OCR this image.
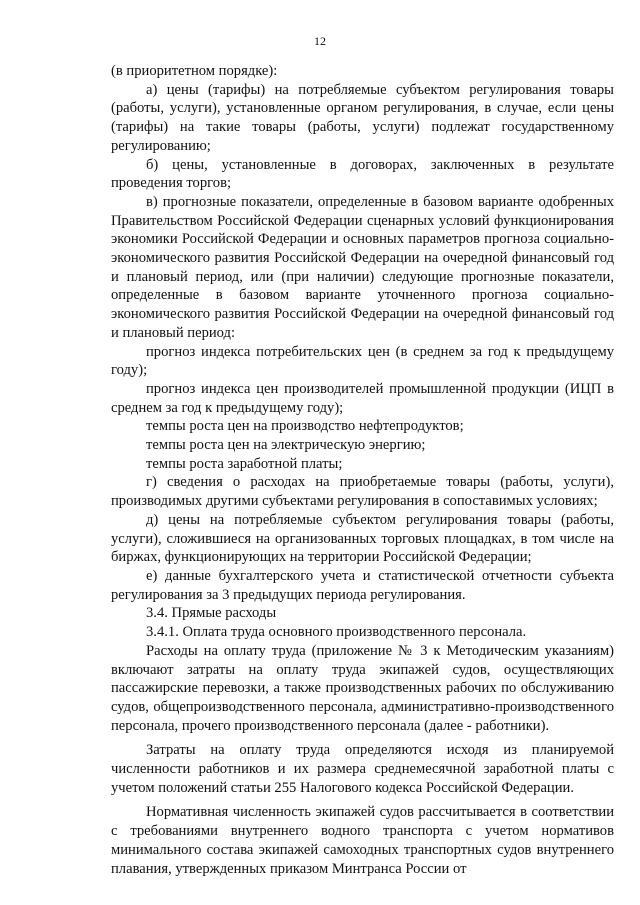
12

(в приоритетном порядке):

а) цены (тарифы) на потребляемые субъектом регулирования товары (работы, услуги), установленные органом регулирования, в случае, если цены (тарифы) на такие товары (работы, услуги) подлежат государственному регулированию;

б) цены, установленные в договорах, заключенных в результате проведения торгов;

в) прогнозные показатели, определенные в базовом варианте одобренных Правительством Российской Федерации сценарных условий функционирования экономики Российской Федерации и основных параметров прогноза социально-экономического развития Российской Федерации на очередной финансовый год и плановый период, или (при наличии) следующие прогнозные показатели, определенные в базовом варианте уточненного прогноза социально-экономического развития Российской Федерации на очередной финансовый год и плановый период:

прогноз индекса потребительских цен (в среднем за год к предыдущему году);

прогноз индекса цен производителей промышленной продукции (ИЦП в среднем за год к предыдущему году);

темпы роста цен на производство нефтепродуктов;

темпы роста цен на электрическую энергию;

темпы роста заработной платы;

г) сведения о расходах на приобретаемые товары (работы, услуги), производимых другими субъектами регулирования в сопоставимых условиях;

д) цены на потребляемые субъектом регулирования товары (работы, услуги), сложившиеся на организованных торговых площадках, в том числе на биржах, функционирующих на территории Российской Федерации;

е) данные бухгалтерского учета и статистической отчетности субъекта регулирования за 3 предыдущих периода регулирования.

3.4. Прямые расходы

3.4.1. Оплата труда основного производственного персонала.

Расходы на оплату труда (приложение № 3 к Методическим указаниям) включают затраты на оплату труда экипажей судов, осуществляющих пассажирские перевозки, а также производственных рабочих по обслуживанию судов, общепроизводственного персонала, административно-производственного персонала, прочего производственного персонала (далее - работники).

Затраты на оплату труда определяются исходя из планируемой численности работников и их размера среднемесячной заработной платы с учетом положений статьи 255 Налогового кодекса Российской Федерации.

Нормативная численность экипажей судов рассчитывается в соответствии с требованиями внутреннего водного транспорта с учетом нормативов минимального состава экипажей самоходных транспортных судов внутреннего плавания, утвержденных приказом Минтранса России от
